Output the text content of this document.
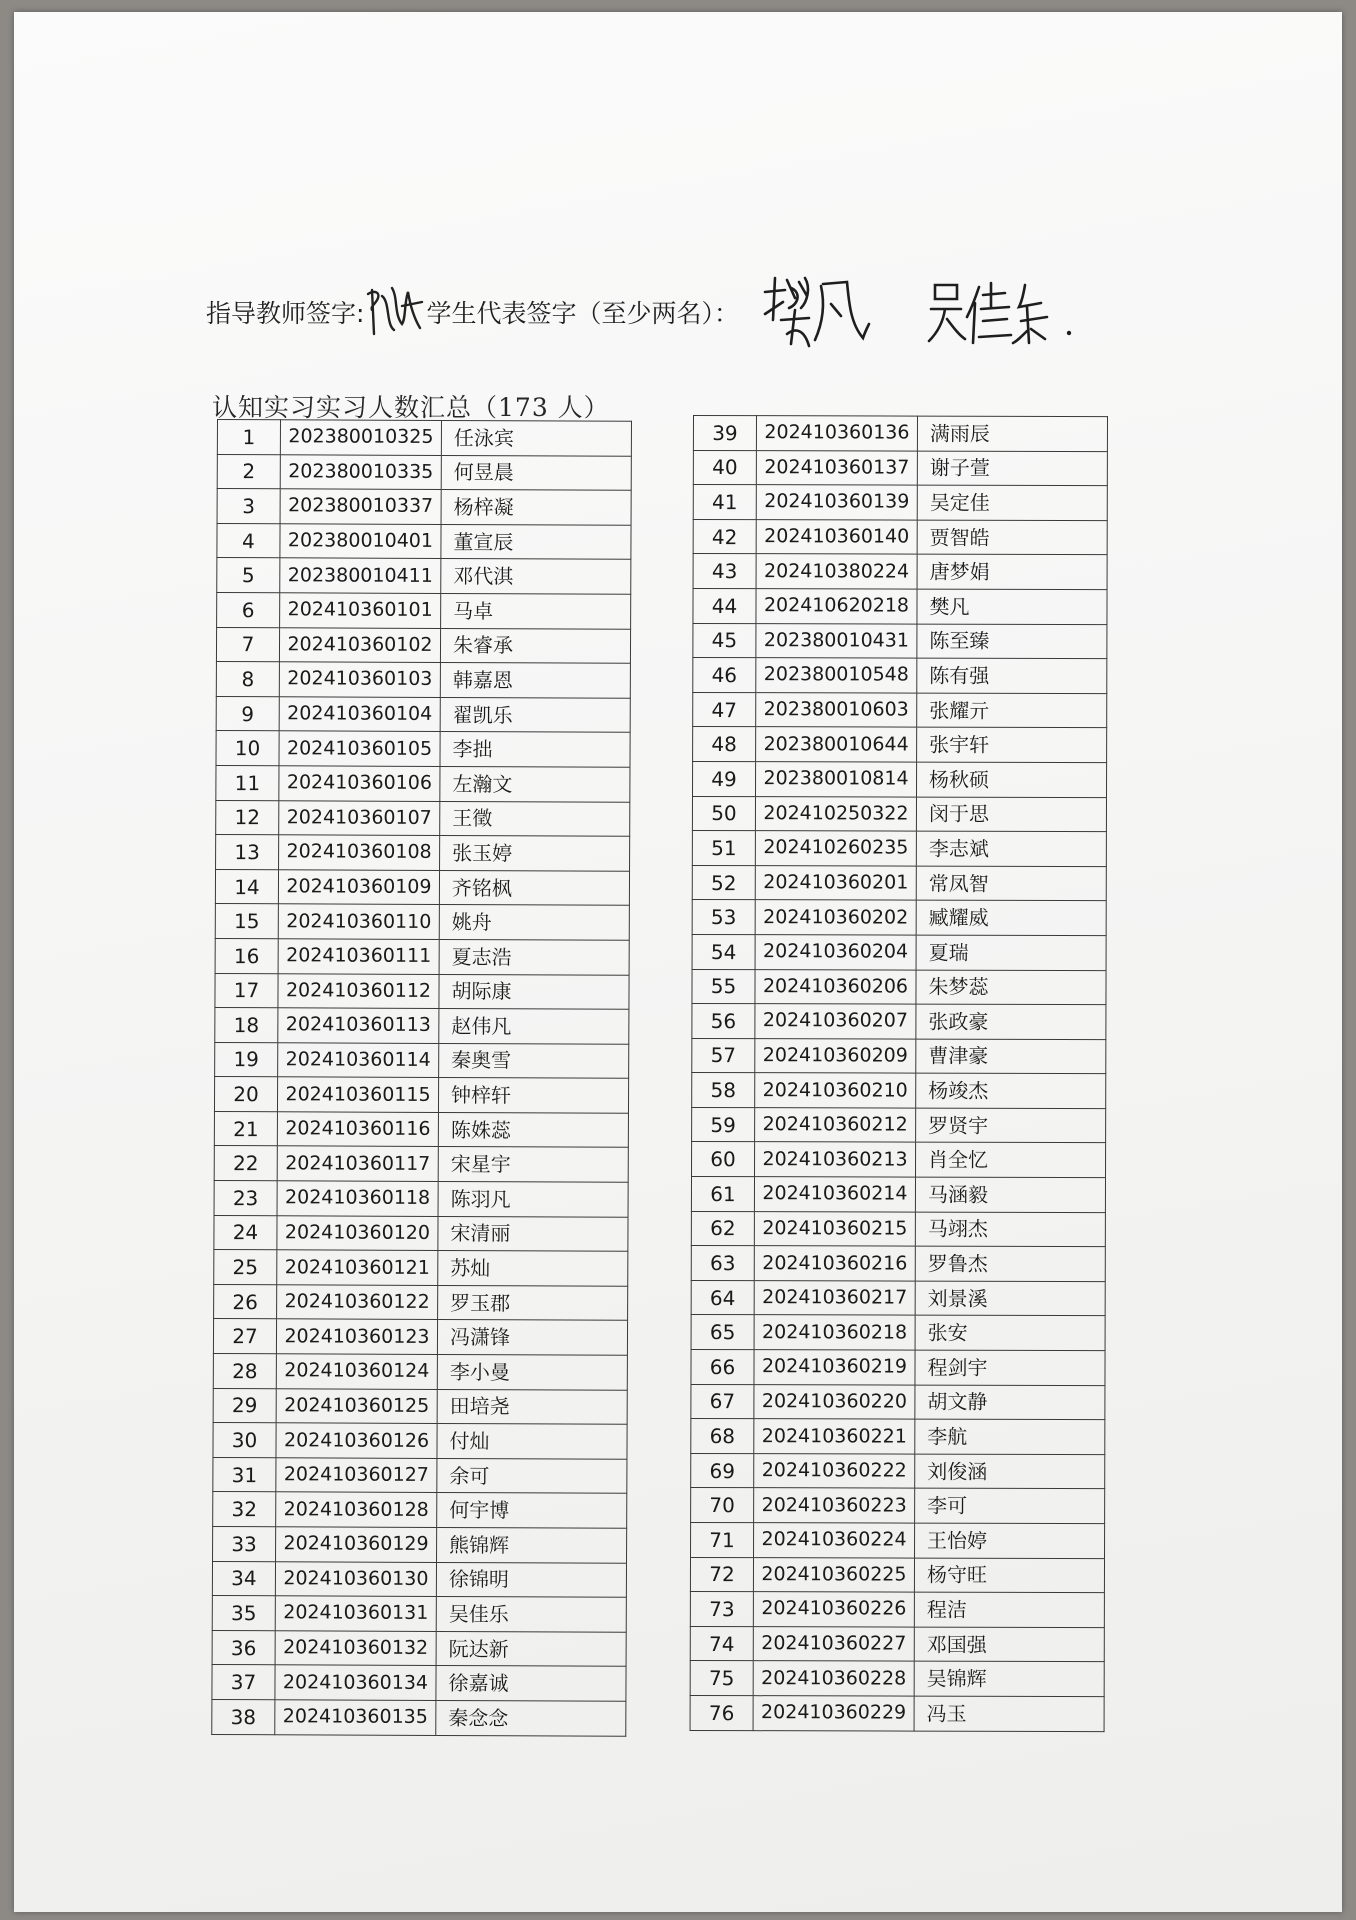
指导教师签字: 学生代表签字（至少两名）：
认知实习实习人数汇总（173 人）
1	202380010325	任泳宾
2	202380010335	何昱晨
3	202380010337	杨梓凝
4	202380010401	董宣辰
5	202380010411	邓代淇
6	202410360101	马卓
7	202410360102	朱睿承
8	202410360103	韩嘉恩
9	202410360104	翟凯乐
10	202410360105	李拙
11	202410360106	左瀚文
12	202410360107	王徵
13	202410360108	张玉婷
14	202410360109	齐铭枫
15	202410360110	姚舟
16	202410360111	夏志浩
17	202410360112	胡际康
18	202410360113	赵伟凡
19	202410360114	秦奥雪
20	202410360115	钟梓轩
21	202410360116	陈姝蕊
22	202410360117	宋星宇
23	202410360118	陈羽凡
24	202410360120	宋清丽
25	202410360121	苏灿
26	202410360122	罗玉郡
27	202410360123	冯潇锋
28	202410360124	李小曼
29	202410360125	田培尧
30	202410360126	付灿
31	202410360127	余可
32	202410360128	何宇博
33	202410360129	熊锦辉
34	202410360130	徐锦明
35	202410360131	吴佳乐
36	202410360132	阮达新
37	202410360134	徐嘉诚
38	202410360135	秦念念
39	202410360136	满雨辰
40	202410360137	谢子萱
41	202410360139	吴定佳
42	202410360140	贾智皓
43	202410380224	唐梦娟
44	202410620218	樊凡
45	202380010431	陈至臻
46	202380010548	陈有强
47	202380010603	张耀亓
48	202380010644	张宇轩
49	202380010814	杨秋硕
50	202410250322	闵于思
51	202410260235	李志斌
52	202410360201	常凤智
53	202410360202	臧耀威
54	202410360204	夏瑞
55	202410360206	朱梦蕊
56	202410360207	张政豪
57	202410360209	曹津豪
58	202410360210	杨竣杰
59	202410360212	罗贤宇
60	202410360213	肖全忆
61	202410360214	马涵毅
62	202410360215	马翊杰
63	202410360216	罗鲁杰
64	202410360217	刘景溪
65	202410360218	张安
66	202410360219	程剑宇
67	202410360220	胡文静
68	202410360221	李航
69	202410360222	刘俊涵
70	202410360223	李可
71	202410360224	王怡婷
72	202410360225	杨守旺
73	202410360226	程洁
74	202410360227	邓国强
75	202410360228	吴锦辉
76	202410360229	冯玉
